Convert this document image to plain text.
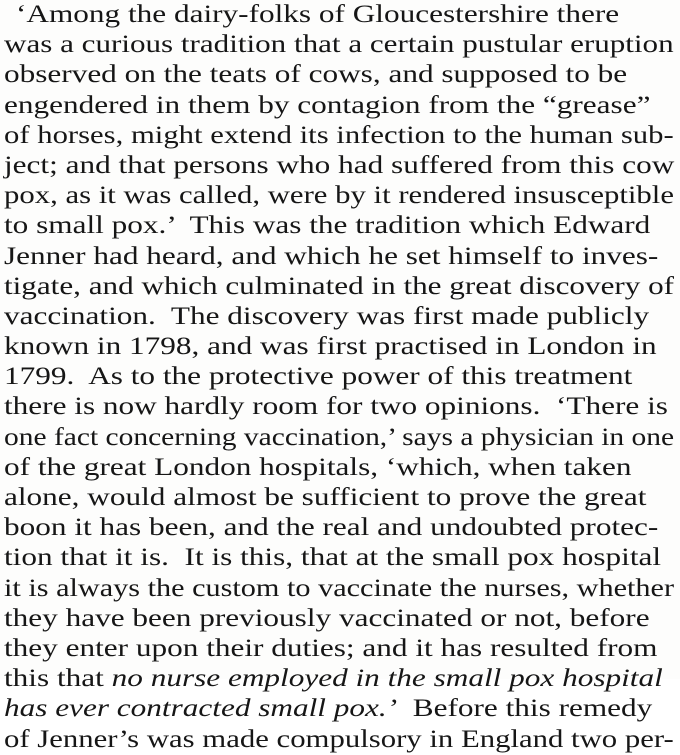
‘Among the dairy-folks of Gloucestershire there
was a curious tradition that a certain pustular eruption
observed on the teats of cows, and supposed to be
engendered in them by contagion from the “grease”
of horses, might extend its infection to the human sub-
ject; and that persons who had suffered from this cow
pox, as it was called, were by it rendered insusceptible
to small pox.’  This was the tradition which Edward
Jenner had heard, and which he set himself to inves-
tigate, and which culminated in the great discovery of
vaccination.  The discovery was first made publicly
known in 1798, and was first practised in London in
1799.  As to the protective power of this treatment
there is now hardly room for two opinions.  ‘There is
one fact concerning vaccination,’ says a physician in one
of the great London hospitals, ‘which, when taken
alone, would almost be sufficient to prove the great
boon it has been, and the real and undoubted protec-
tion that it is.  It is this, that at the small pox hospital
it is always the custom to vaccinate the nurses, whether
they have been previously vaccinated or not, before
they enter upon their duties; and it has resulted from
this that no nurse employed in the small pox hospital
has ever contracted small pox.’  Before this remedy
of Jenner’s was made compulsory in England two per-
